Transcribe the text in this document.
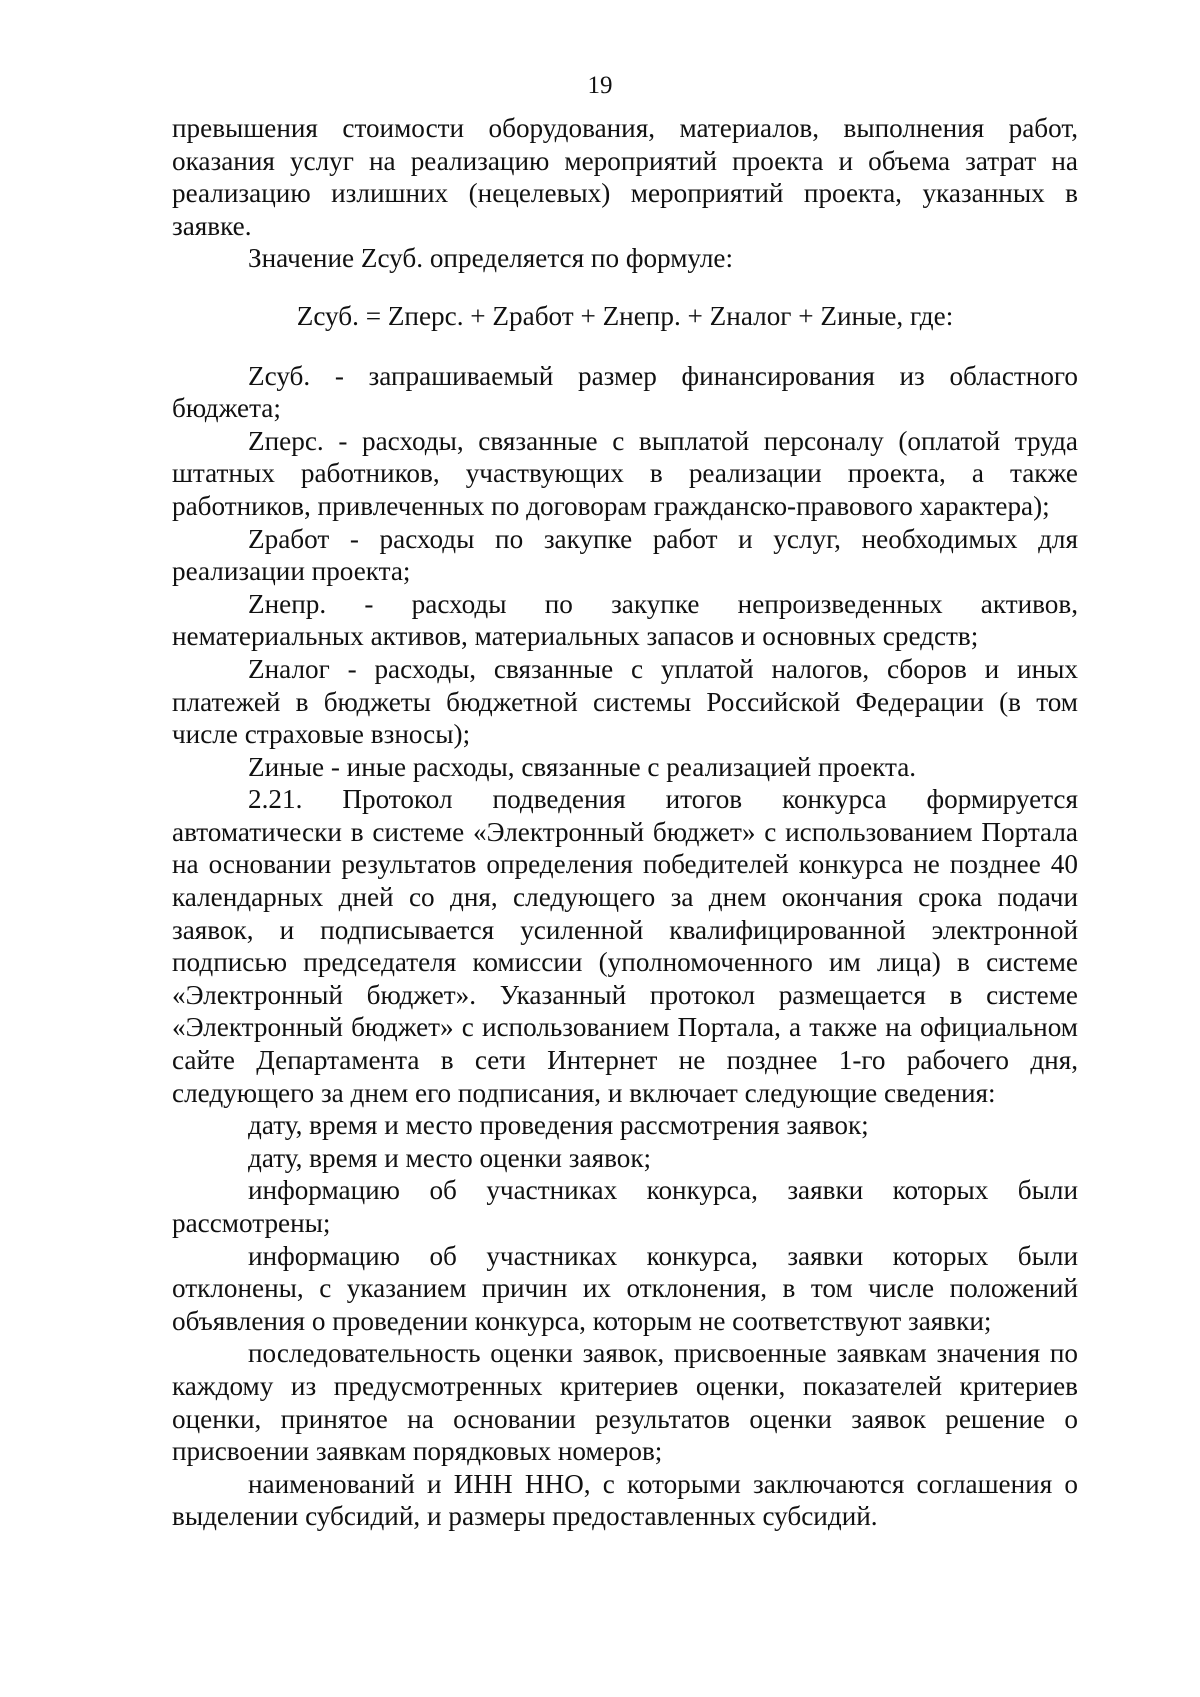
19

превышения стоимости оборудования, материалов, выполнения работ, оказания услуг на реализацию мероприятий проекта и объема затрат на реализацию излишних (нецелевых) мероприятий проекта, указанных в заявке.

Значение Zсуб. определяется по формуле:

Zсуб. = Zперс. + Zработ + Zнепр. + Zналог + Zиные, где:

Zсуб. - запрашиваемый размер финансирования из областного бюджета;

Zперс. - расходы, связанные с выплатой персоналу (оплатой труда штатных работников, участвующих в реализации проекта, а также работников, привлеченных по договорам гражданско-правового характера);

Zработ - расходы по закупке работ и услуг, необходимых для реализации проекта;

Zнепр. - расходы по закупке непроизведенных активов, нематериальных активов, материальных запасов и основных средств;

Zналог - расходы, связанные с уплатой налогов, сборов и иных платежей в бюджеты бюджетной системы Российской Федерации (в том числе страховые взносы);

Zиные - иные расходы, связанные с реализацией проекта.

2.21. Протокол подведения итогов конкурса формируется автоматически в системе «Электронный бюджет» с использованием Портала на основании результатов определения победителей конкурса не позднее 40 календарных дней со дня, следующего за днем окончания срока подачи заявок, и подписывается усиленной квалифицированной электронной подписью председателя комиссии (уполномоченного им лица) в системе «Электронный бюджет». Указанный протокол размещается в системе «Электронный бюджет» с использованием Портала, а также на официальном сайте Департамента в сети Интернет не позднее 1-го рабочего дня, следующего за днем его подписания, и включает следующие сведения:

дату, время и место проведения рассмотрения заявок;

дату, время и место оценки заявок;

информацию об участниках конкурса, заявки которых были рассмотрены;

информацию об участниках конкурса, заявки которых были отклонены, с указанием причин их отклонения, в том числе положений объявления о проведении конкурса, которым не соответствуют заявки;

последовательность оценки заявок, присвоенные заявкам значения по каждому из предусмотренных критериев оценки, показателей критериев оценки, принятое на основании результатов оценки заявок решение о присвоении заявкам порядковых номеров;

наименований и ИНН ННО, с которыми заключаются соглашения о выделении субсидий, и размеры предоставленных субсидий.
